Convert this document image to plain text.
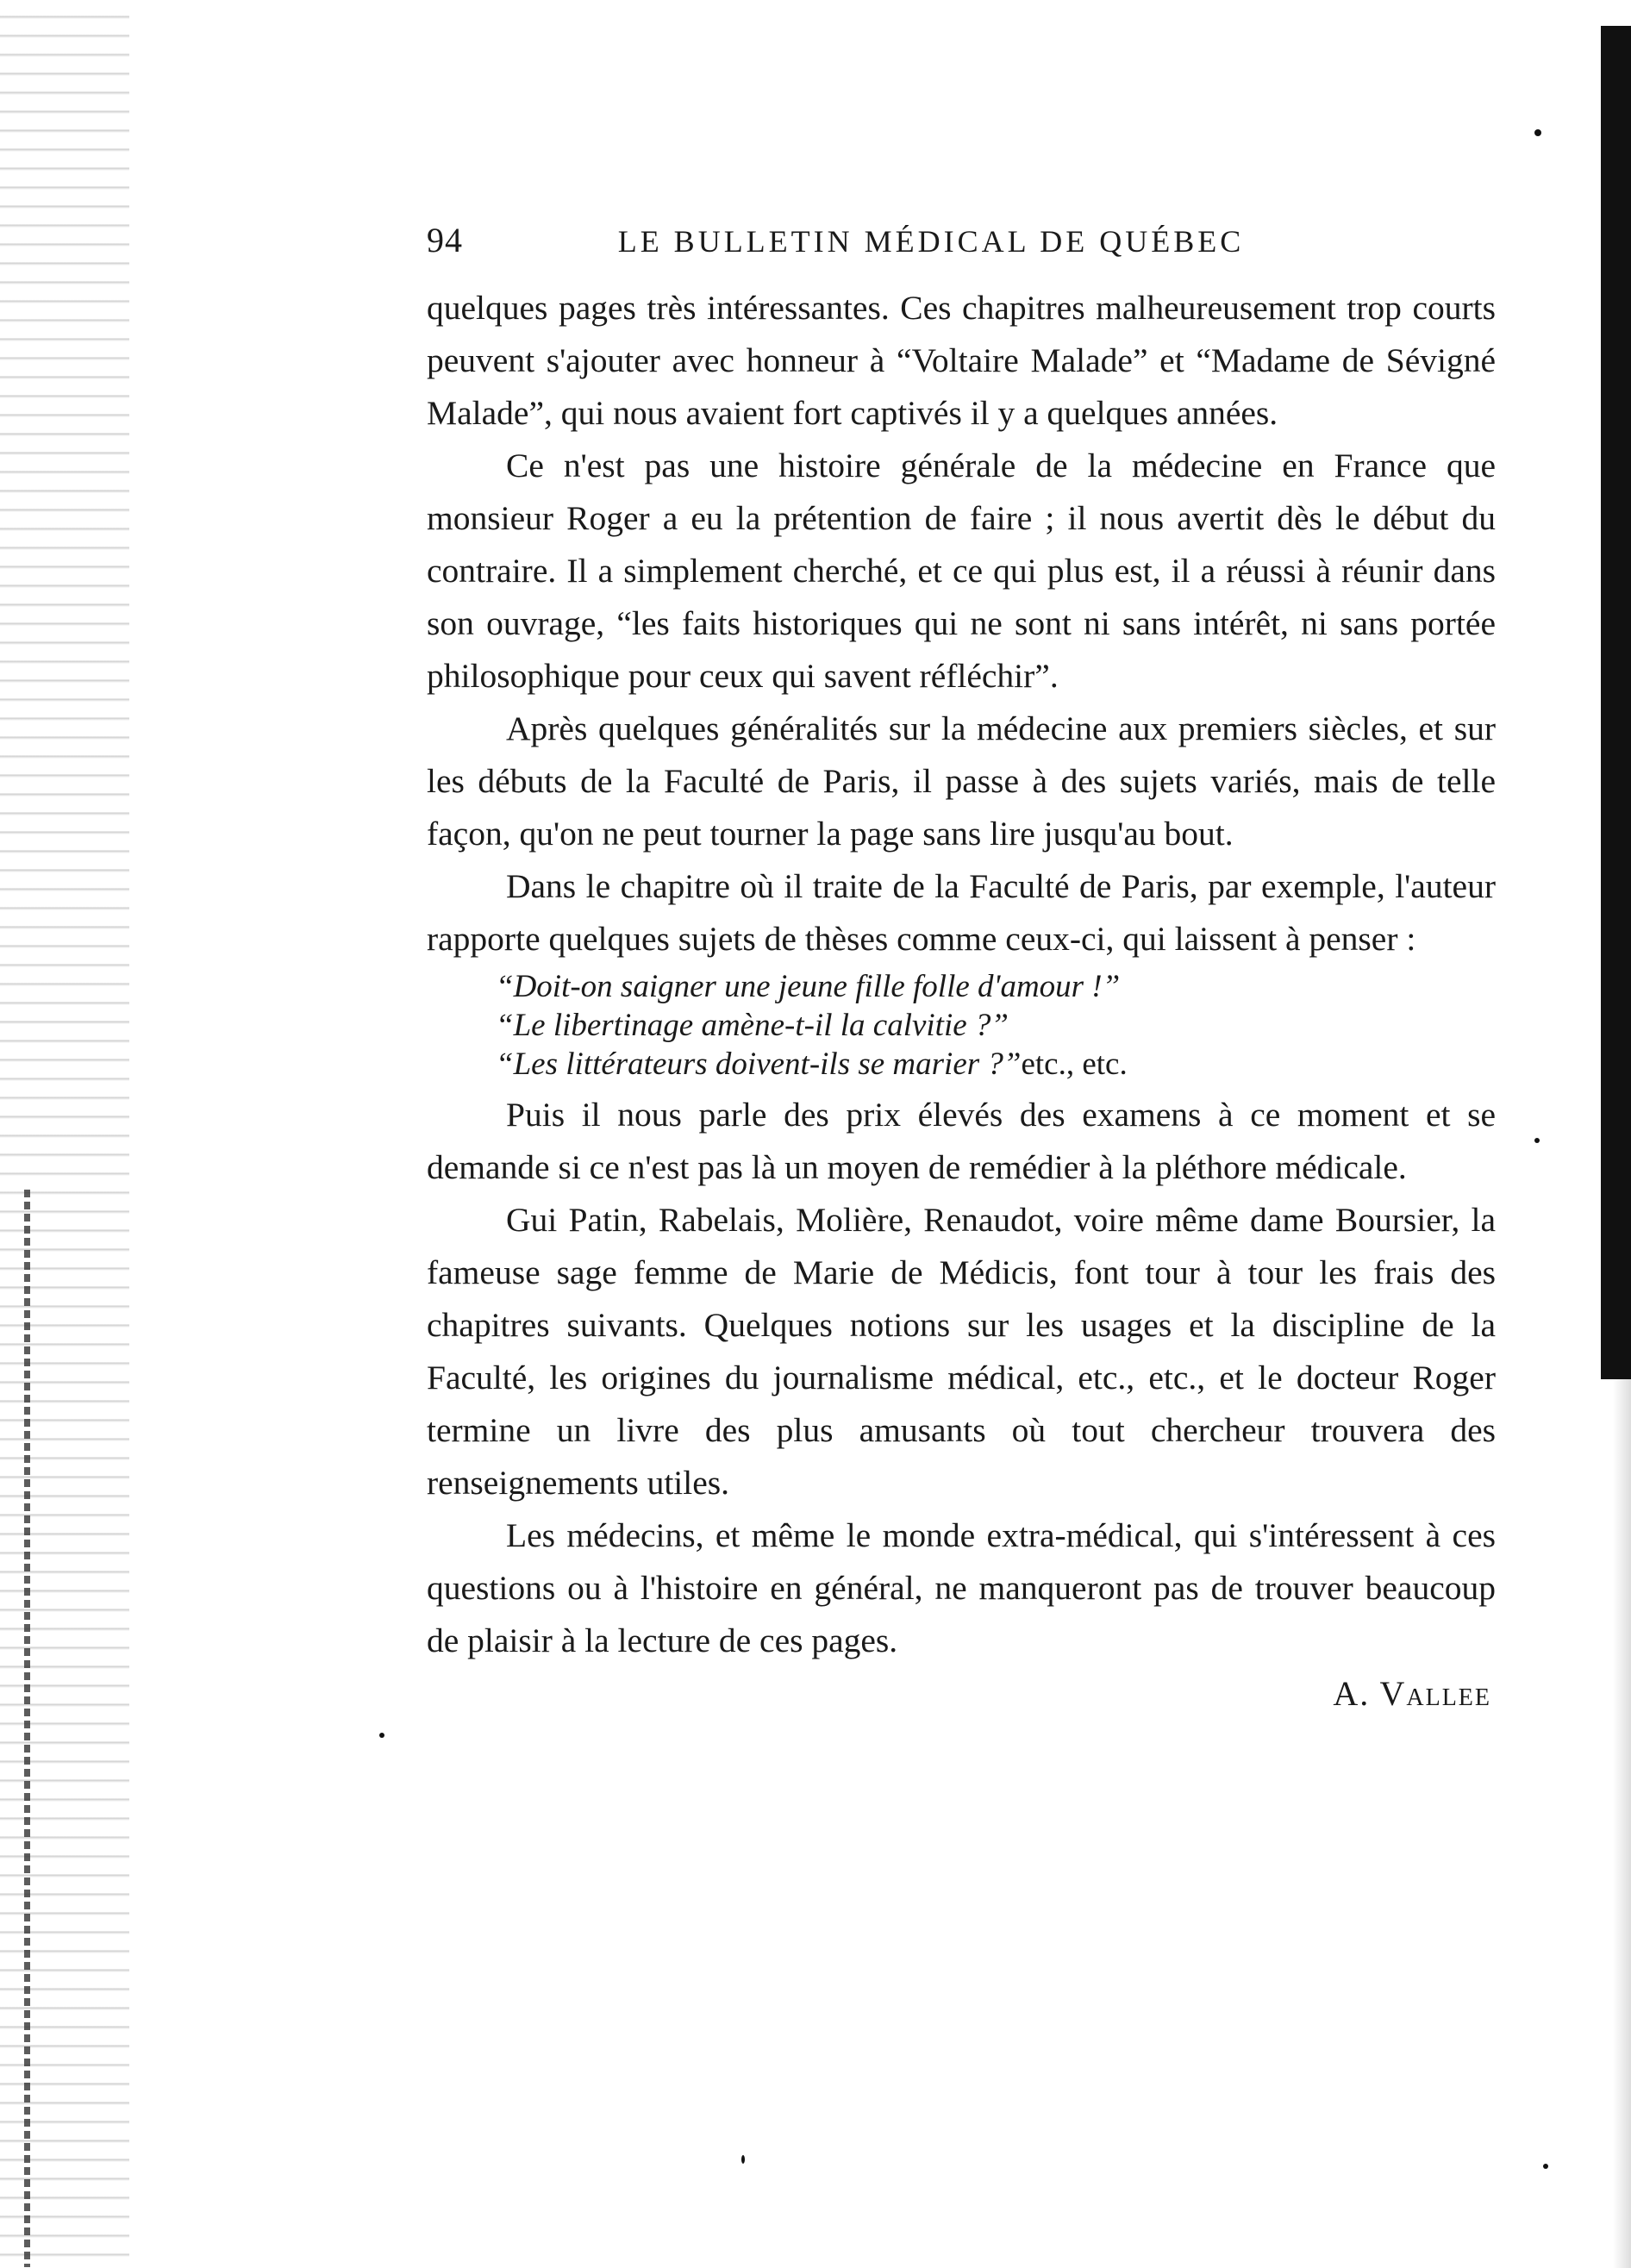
94	LE BULLETIN MÉDICAL DE QUÉBEC

quelques pages très intéressantes. Ces chapitres malheureusement trop courts peuvent s'ajouter avec honneur à “Voltaire Malade” et “Madame de Sévigné Malade”, qui nous avaient fort captivés il y a quelques années.

Ce n'est pas une histoire générale de la médecine en France que monsieur Roger a eu la prétention de faire ; il nous avertit dès le début du contraire. Il a simplement cherché, et ce qui plus est, il a réussi à réunir dans son ouvrage, “les faits historiques qui ne sont ni sans intérêt, ni sans portée philosophique pour ceux qui savent réfléchir”.

Après quelques généralités sur la médecine aux premiers siècles, et sur les débuts de la Faculté de Paris, il passe à des sujets variés, mais de telle façon, qu'on ne peut tourner la page sans lire jusqu'au bout.

Dans le chapitre où il traite de la Faculté de Paris, par exemple, l'auteur rapporte quelques sujets de thèses comme ceux-ci, qui laissent à penser :

“Doit-on saigner une jeune fille folle d'amour !”
“Le libertinage amène-t-il la calvitie ?”
“Les littérateurs doivent-ils se marier ?”etc., etc.

Puis il nous parle des prix élevés des examens à ce moment et se demande si ce n'est pas là un moyen de remédier à la pléthore médicale.

Gui Patin, Rabelais, Molière, Renaudot, voire même dame Boursier, la fameuse sage femme de Marie de Médicis, font tour à tour les frais des chapitres suivants. Quelques notions sur les usages et la discipline de la Faculté, les origines du journalisme médical, etc., etc., et le docteur Roger termine un livre des plus amusants où tout chercheur trouvera des renseignements utiles.

Les médecins, et même le monde extra-médical, qui s'intéressent à ces questions ou à l'histoire en général, ne manqueront pas de trouver beaucoup de plaisir à la lecture de ces pages.

A. Vallee
